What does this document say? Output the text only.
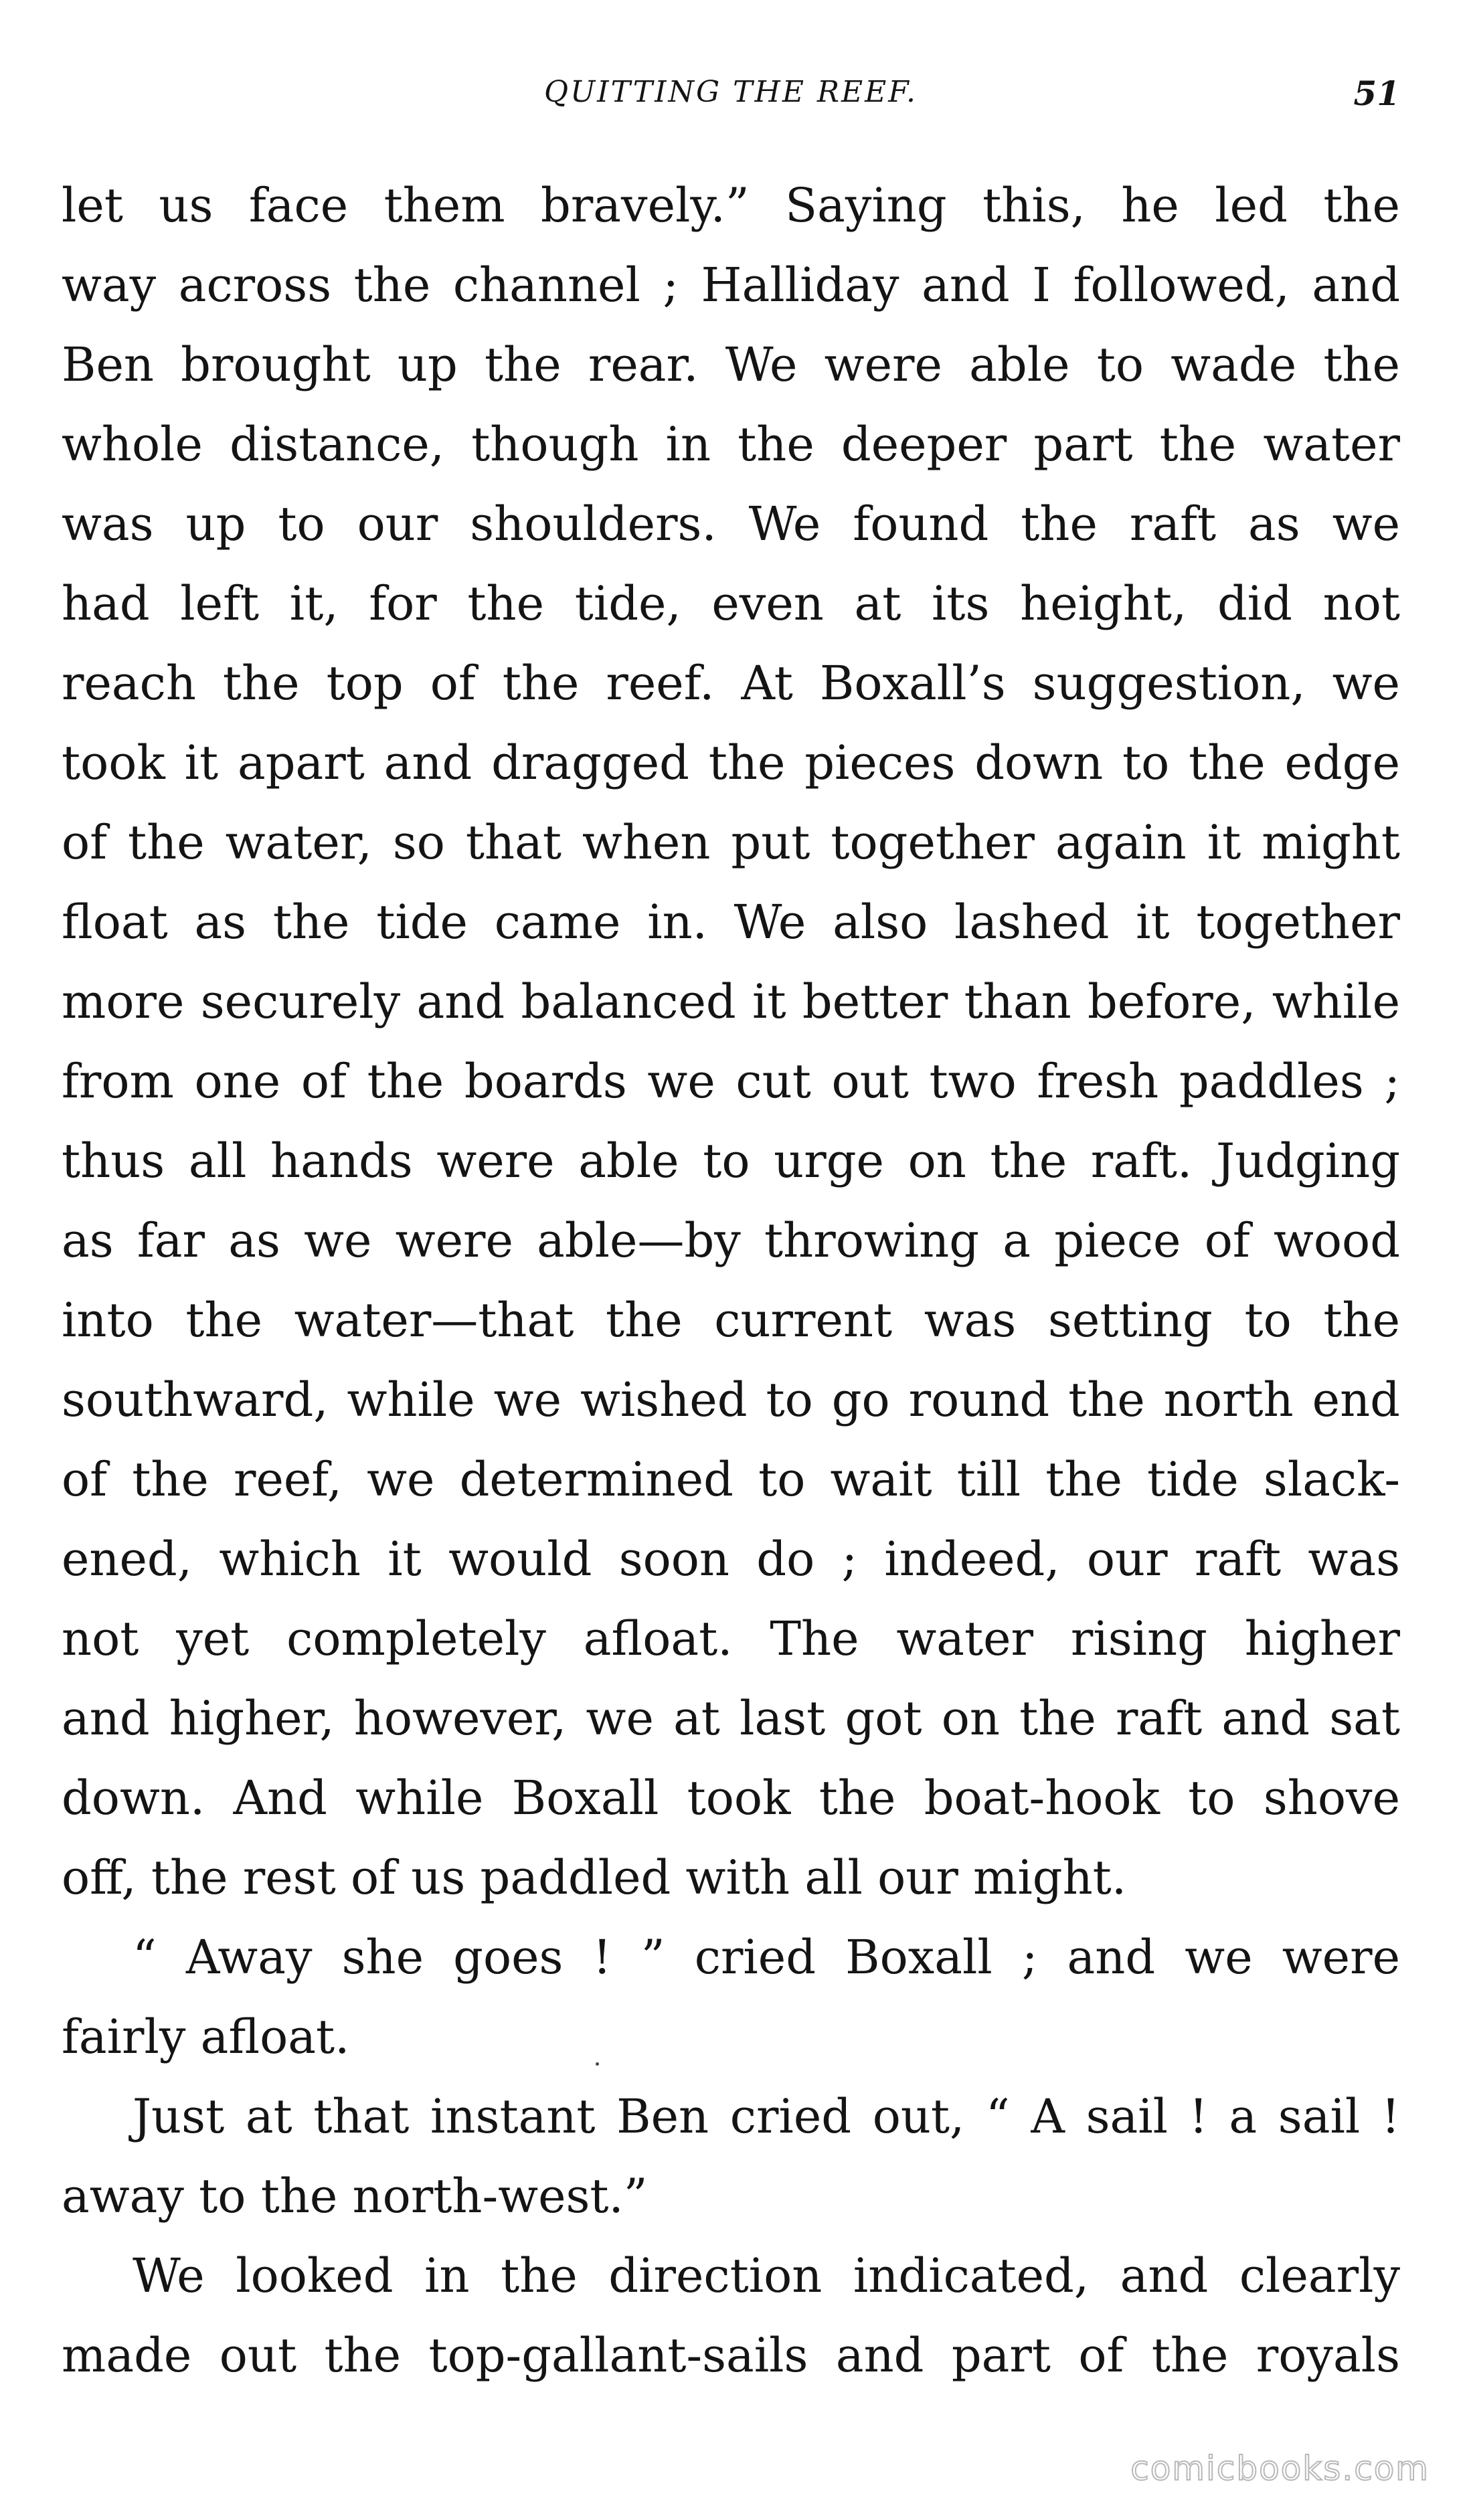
QUITTING THE REEF.	51
let us face them bravely.” Saying this, he led the
way across the channel ; Halliday and I followed, and
Ben brought up the rear. We were able to wade the
whole distance, though in the deeper part the water
was up to our shoulders. We found the raft as we
had left it, for the tide, even at its height, did not
reach the top of the reef. At Boxall’s suggestion, we
took it apart and dragged the pieces down to the edge
of the water, so that when put together again it might
float as the tide came in. We also lashed it together
more securely and balanced it better than before, while
from one of the boards we cut out two fresh paddles ;
thus all hands were able to urge on the raft. Judging
as far as we were able—by throwing a piece of wood
into the water—that the current was setting to the
southward, while we wished to go round the north end
of the reef, we determined to wait till the tide slack-
ened, which it would soon do ; indeed, our raft was
not yet completely afloat. The water rising higher
and higher, however, we at last got on the raft and sat
down. And while Boxall took the boat-hook to shove
off, the rest of us paddled with all our might.
“ Away she goes ! ” cried Boxall ; and we were
fairly afloat.
Just at that instant Ben cried out, “ A sail ! a sail !
away to the north-west.”
We looked in the direction indicated, and clearly
made out the top-gallant-sails and part of the royals
comicbooks.com
